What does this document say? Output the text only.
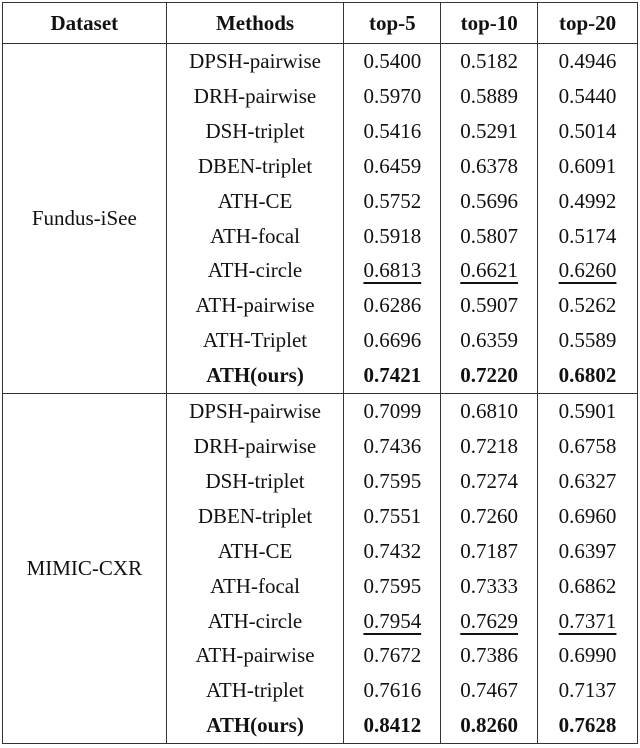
Dataset	Methods	top-5	top-10	top-20
Fundus-iSee	DPSH-pairwise	0.5400	0.5182	0.4946
	DRH-pairwise	0.5970	0.5889	0.5440
	DSH-triplet	0.5416	0.5291	0.5014
	DBEN-triplet	0.6459	0.6378	0.6091
	ATH-CE	0.5752	0.5696	0.4992
	ATH-focal	0.5918	0.5807	0.5174
	ATH-circle	0.6813	0.6621	0.6260
	ATH-pairwise	0.6286	0.5907	0.5262
	ATH-Triplet	0.6696	0.6359	0.5589
	ATH(ours)	0.7421	0.7220	0.6802
MIMIC-CXR	DPSH-pairwise	0.7099	0.6810	0.5901
	DRH-pairwise	0.7436	0.7218	0.6758
	DSH-triplet	0.7595	0.7274	0.6327
	DBEN-triplet	0.7551	0.7260	0.6960
	ATH-CE	0.7432	0.7187	0.6397
	ATH-focal	0.7595	0.7333	0.6862
	ATH-circle	0.7954	0.7629	0.7371
	ATH-pairwise	0.7672	0.7386	0.6990
	ATH-triplet	0.7616	0.7467	0.7137
	ATH(ours)	0.8412	0.8260	0.7628
